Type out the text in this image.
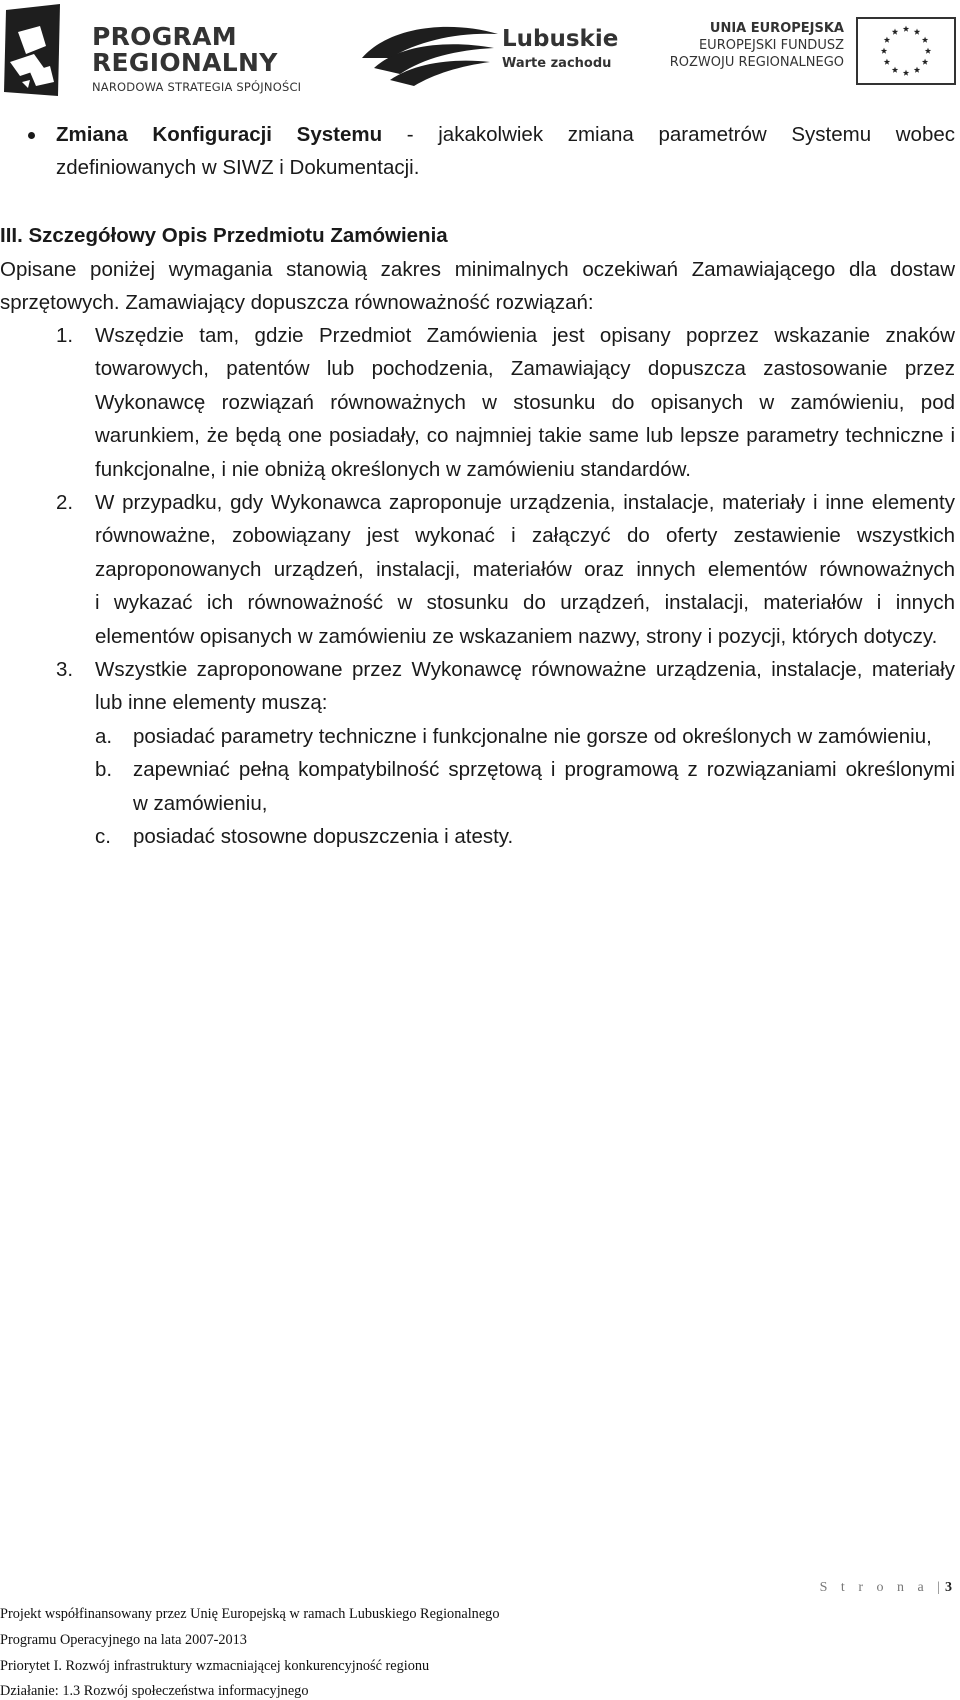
PROGRAM
REGIONALNY
NARODOWA STRATEGIA SPÓJNOŚCI
Lubuskie
Warte zachodu
UNIA EUROPEJSKA
EUROPEJSKI FUNDUSZ
ROZWOJU REGIONALNEGO
Zmiana Konfiguracji Systemu - jakakolwiek zmiana parametrów Systemu wobec
zdefiniowanych w SIWZ i Dokumentacji.
III. Szczegółowy Opis Przedmiotu Zamówienia
Opisane poniżej wymagania stanowią zakres minimalnych oczekiwań Zamawiającego dla dostaw
sprzętowych. Zamawiający dopuszcza równoważność rozwiązań:
1.	Wszędzie tam, gdzie Przedmiot Zamówienia jest opisany poprzez wskazanie znaków
towarowych, patentów lub pochodzenia, Zamawiający dopuszcza zastosowanie przez
Wykonawcę rozwiązań równoważnych w stosunku do opisanych w zamówieniu, pod
warunkiem, że będą one posiadały, co najmniej takie same lub lepsze parametry techniczne i
funkcjonalne, i nie obniżą określonych w zamówieniu standardów.
2.	W przypadku, gdy Wykonawca zaproponuje urządzenia, instalacje, materiały i inne elementy
równoważne, zobowiązany jest wykonać i załączyć do oferty zestawienie wszystkich
zaproponowanych urządzeń, instalacji, materiałów oraz innych elementów równoważnych
i wykazać ich równoważność w stosunku do urządzeń, instalacji, materiałów i innych
elementów opisanych w zamówieniu ze wskazaniem nazwy, strony i pozycji, których dotyczy.
3.	Wszystkie zaproponowane przez Wykonawcę równoważne urządzenia, instalacje, materiały
lub inne elementy muszą:
a.	posiadać parametry techniczne i funkcjonalne nie gorsze od określonych w zamówieniu,
b.	zapewniać pełną kompatybilność sprzętową i programową z rozwiązaniami określonymi
w zamówieniu,
c.	posiadać stosowne dopuszczenia i atesty.
S t r o n a |3
Projekt współfinansowany przez Unię Europejską w ramach Lubuskiego Regionalnego
Programu Operacyjnego na lata 2007-2013
Priorytet I. Rozwój infrastruktury wzmacniającej konkurencyjność regionu
Działanie: 1.3 Rozwój społeczeństwa informacyjnego
